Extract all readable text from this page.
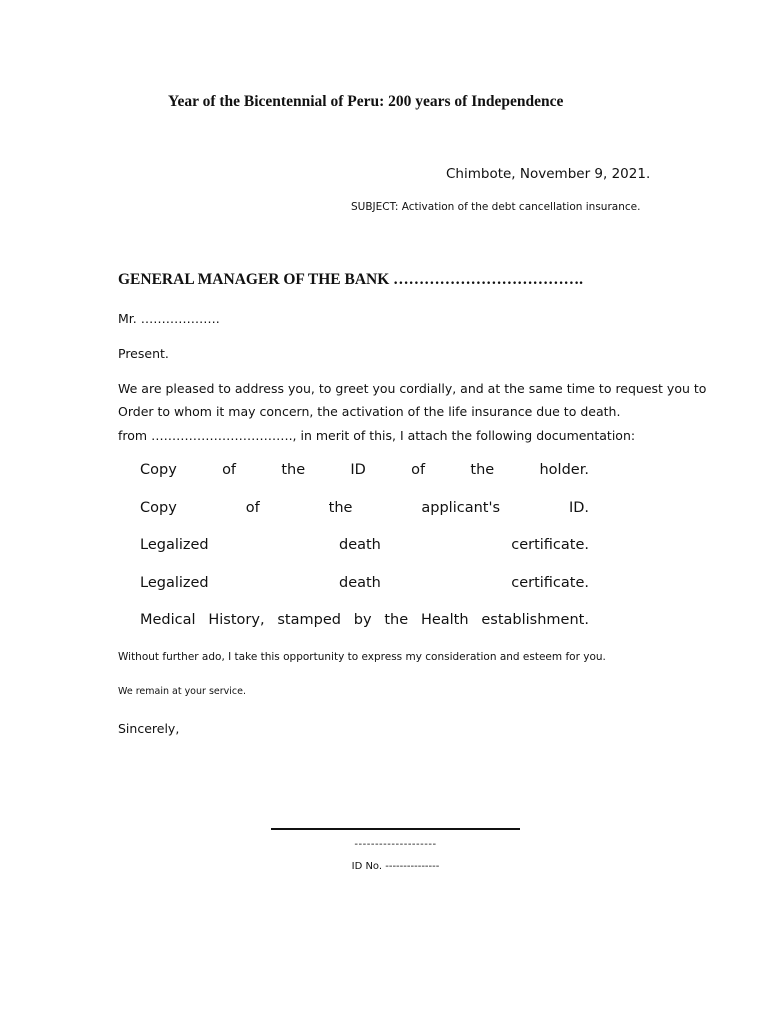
Year of the Bicentennial of Peru: 200 years of Independence
Chimbote, November 9, 2021.
SUBJECT: Activation of the debt cancellation insurance.
GENERAL MANAGER OF THE BANK ……………………………….
Mr. ……………….
Present.
We are pleased to address you, to greet you cordially, and at the same time to request you to
Order to whom it may concern, the activation of the life insurance due to death.
from ……………………………., in merit of this, I attach the following documentation:
Copy	of	the	ID	of	the	holder.
Copy	of	the	applicant's	ID.
Legalized	death	certificate.
Legalized	death	certificate.
Medical History, stamped by the Health establishment.
Without further ado, I take this opportunity to express my consideration and esteem for you.
We remain at your service.
Sincerely,
--------------------
ID No. ---------------
